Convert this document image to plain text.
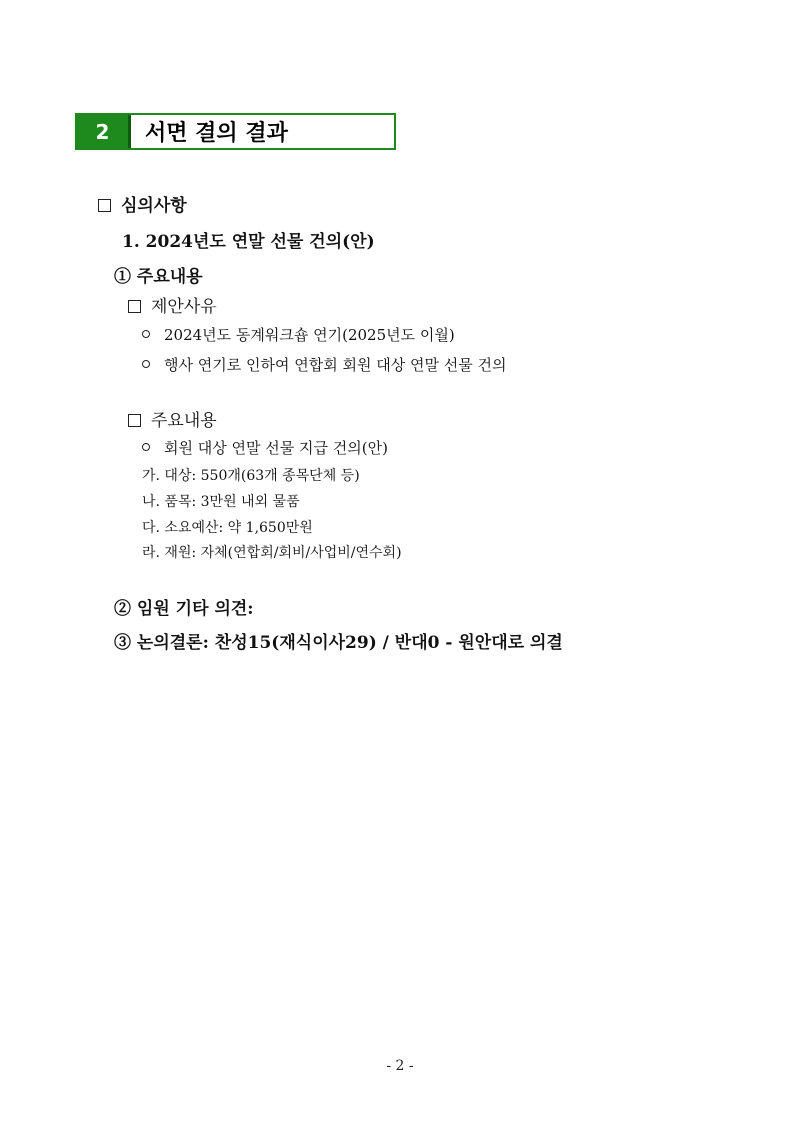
2	서면 결의 결과
심의사항
1. 2024년도 연말 선물 건의(안)
① 주요내용
제안사유
2024년도 동계워크숍 연기(2025년도 이월)
행사 연기로 인하여 연합회 회원 대상 연말 선물 건의
주요내용
회원 대상 연말 선물 지급 건의(안)
가. 대상: 550개(63개 종목단체 등)
나. 품목: 3만원 내외 물품
다. 소요예산: 약 1,650만원
라. 재원: 자체(연합회/회비/사업비/연수회)
② 임원 기타 의견:
③ 논의결론: 찬성15(재식이사29) / 반대0 - 원안대로 의결
- 2 -
